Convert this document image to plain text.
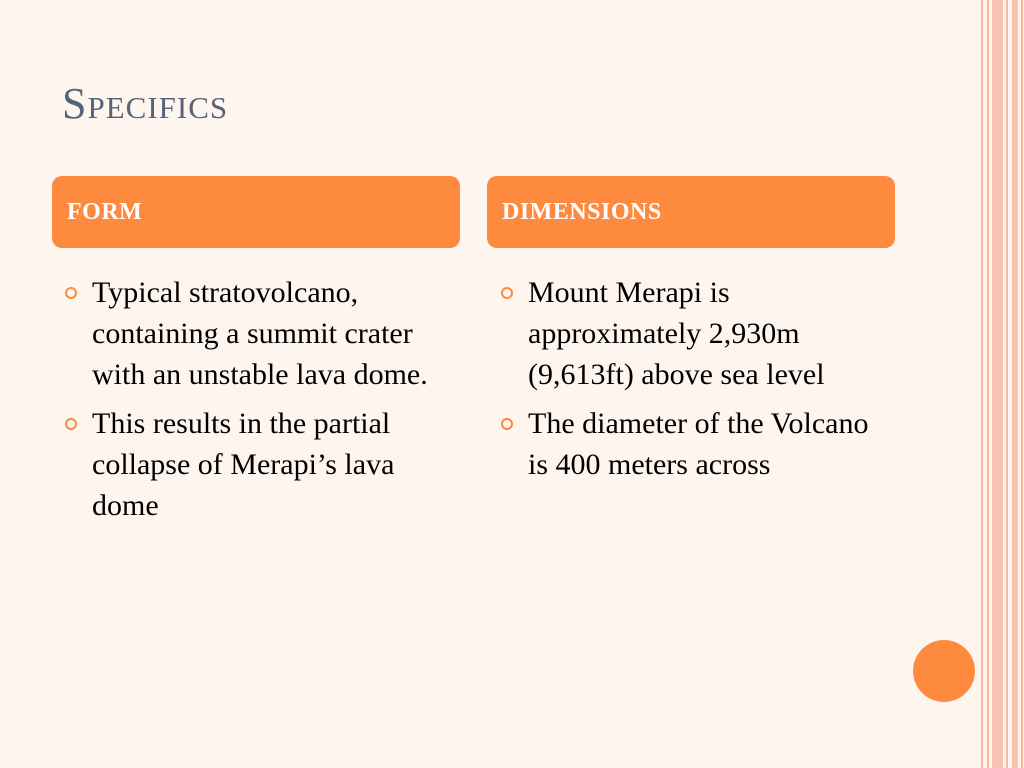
Specifics
FORM	DIMENSIONS
Typical stratovolcano, containing a summit crater with an unstable lava dome.
This results in the partial collapse of Merapi’s lava dome
Mount Merapi is approximately 2,930m (9,613ft) above sea level
The diameter of the Volcano is 400 meters across
